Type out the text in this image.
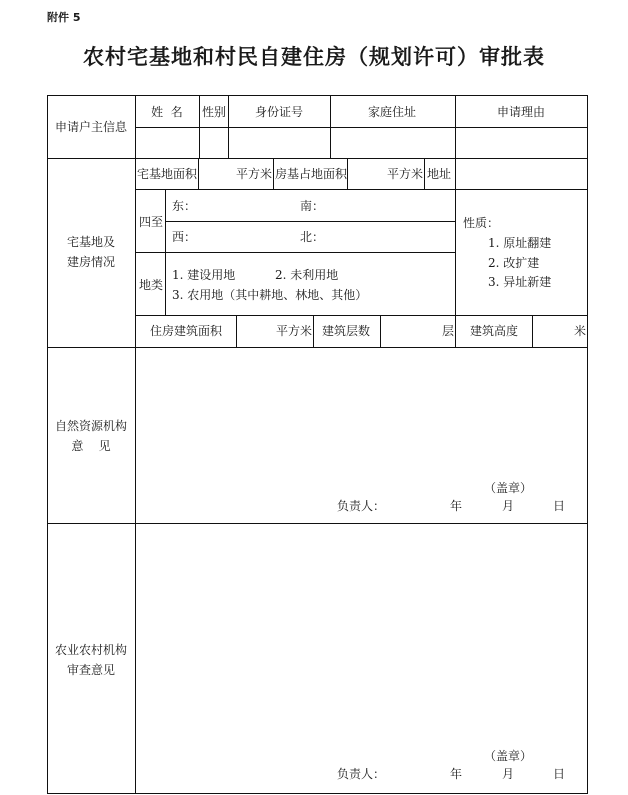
附件 5
农村宅基地和村民自建住房（规划许可）审批表
申请户主信息
姓  名 性别 身份证号	家庭住址	申请理由
宅基地及
建房情况
宅基地面积	平方米 房基占地面积	平方米 地址
四至
东：	南：
西：	北：
地类
1. 建设用地	2. 未利用地
3. 农用地（其中耕地、林地、其他）
性质：
1. 原址翻建
2. 改扩建
3. 异址新建
住房建筑面积	平方米 建筑层数	层 建筑高度	米
自然资源机构
意    见
（盖章）
负责人：	年	月	日
农业农村机构
审查意见
（盖章）
负责人：	年	月	日
